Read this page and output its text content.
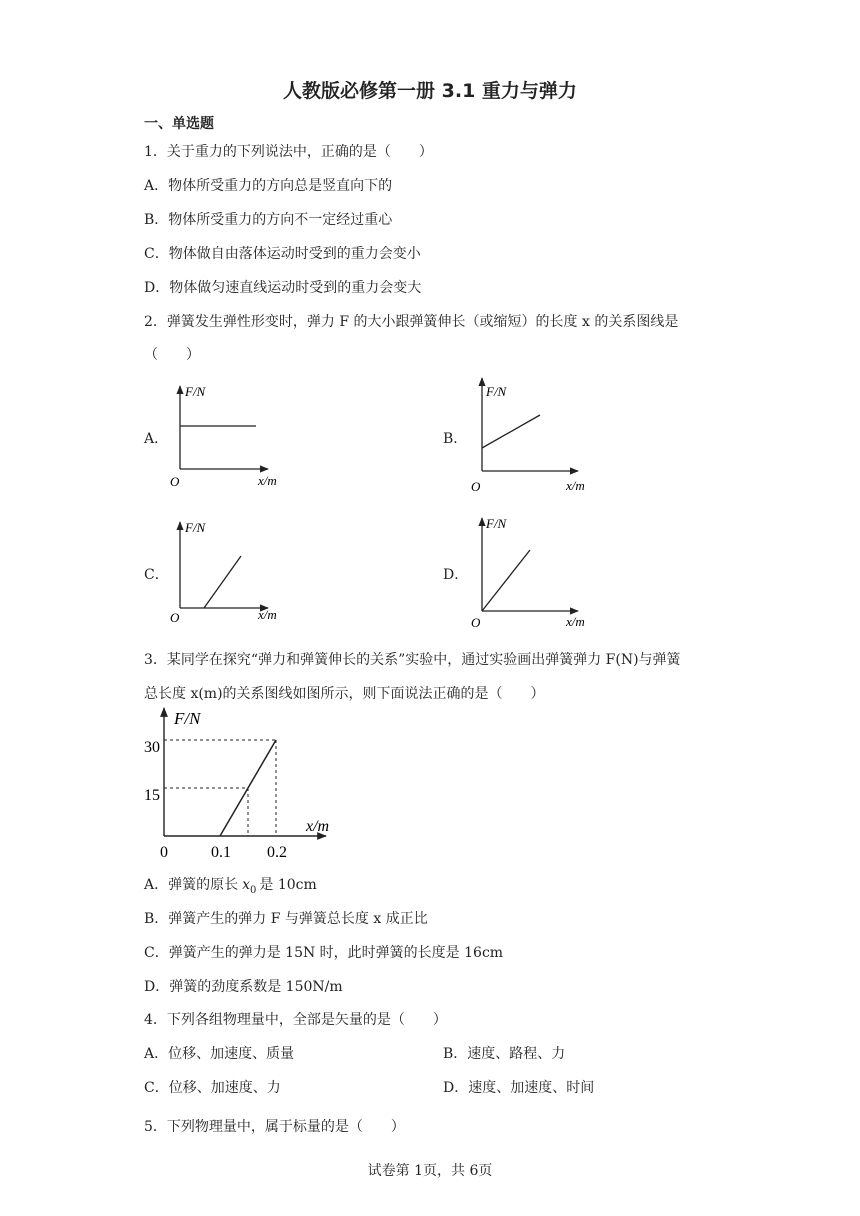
人教版必修第一册 3.1 重力与弹力
一、单选题
1．关于重力的下列说法中，正确的是（　　）
A．物体所受重力的方向总是竖直向下的
B．物体所受重力的方向不一定经过重心
C．物体做自由落体运动时受到的重力会变小
D．物体做匀速直线运动时受到的重力会变大
2．弹簧发生弹性形变时，弹力 F 的大小跟弹簧伸长（或缩短）的长度 x 的关系图线是
（　　）
A．	B．
C．	D．
F/N
x/m
O
F/N
x/m
O
F/N
x/m
O
F/N
x/m
O
3．某同学在探究“弹力和弹簧伸长的关系”实验中，通过实验画出弹簧弹力 F(N)与弹簧
总长度 x(m)的关系图线如图所示，则下面说法正确的是（　　）
F/N
x/m
30
15
0	0.1 0.2
A．弹簧的原长 $x_0$ 是 10cm
B．弹簧产生的弹力 F 与弹簧总长度 x 成正比
C．弹簧产生的弹力是 15N 时，此时弹簧的长度是 16cm
D．弹簧的劲度系数是 150N/m
4．下列各组物理量中，全部是矢量的是（　　）
A．位移、加速度、质量	B．速度、路程、力
C．位移、加速度、力	D．速度、加速度、时间
5．下列物理量中，属于标量的是（　　）
试卷第 1页，共 6页
